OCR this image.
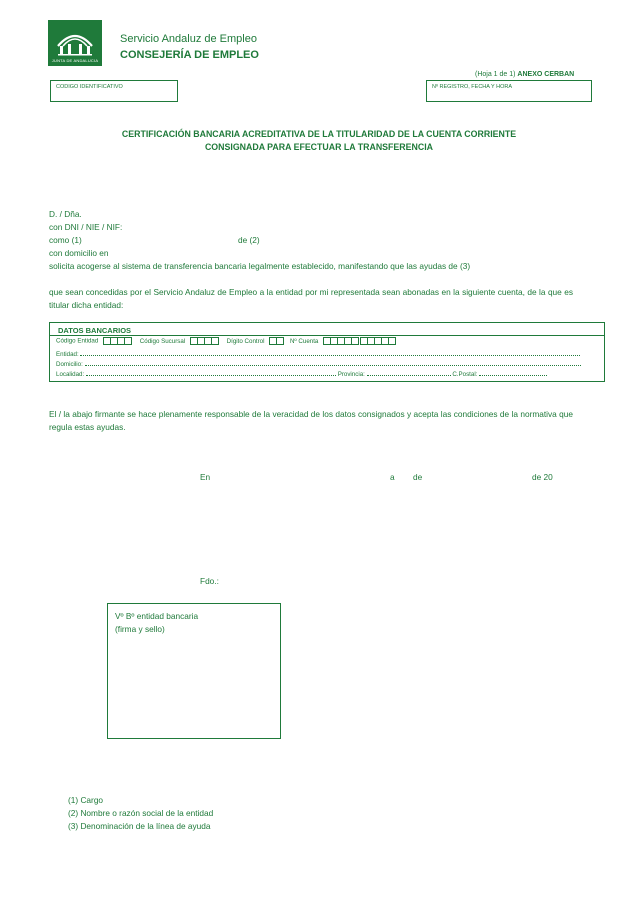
JUNTA DE ANDALUCIA
Servicio Andaluz de Empleo
CONSEJERÍA DE EMPLEO
(Hoja 1 de 1) ANEXO CERBAN
CODIGO IDENTIFICATIVO	Nº REGISTRO, FECHA Y HORA
CERTIFICACIÓN BANCARIA ACREDITATIVA DE LA TITULARIDAD DE LA CUENTA CORRIENTE
CONSIGNADA PARA EFECTUAR LA TRANSFERENCIA
D. / Dña.
con DNI / NIE / NIF:
como (1)	de (2)
con domicilio en
solicita acogerse al sistema de transferencia bancaria legalmente establecido, manifestando que las ayudas de (3)
que sean concedidas por el Servicio Andaluz de Empleo a la entidad por mi representada sean abonadas en la siguiente cuenta, de la que es titular dicha entidad:
DATOS BANCARIOS
Código Entidad	Código Sucursal	Dígito Control	Nº Cuenta
Entidad:
Domicilio:
Localidad:	Provincia:	C.Postal:
El / la abajo firmante se hace plenamente responsable de la veracidad de los datos consignados y acepta las condiciones de la normativa que regula estas ayudas.
En	a de	de 20
Fdo.:
Vº Bº entidad bancaria
(firma y sello)
(1) Cargo
(2) Nombre o razón social de la entidad
(3) Denominación de la línea de ayuda
